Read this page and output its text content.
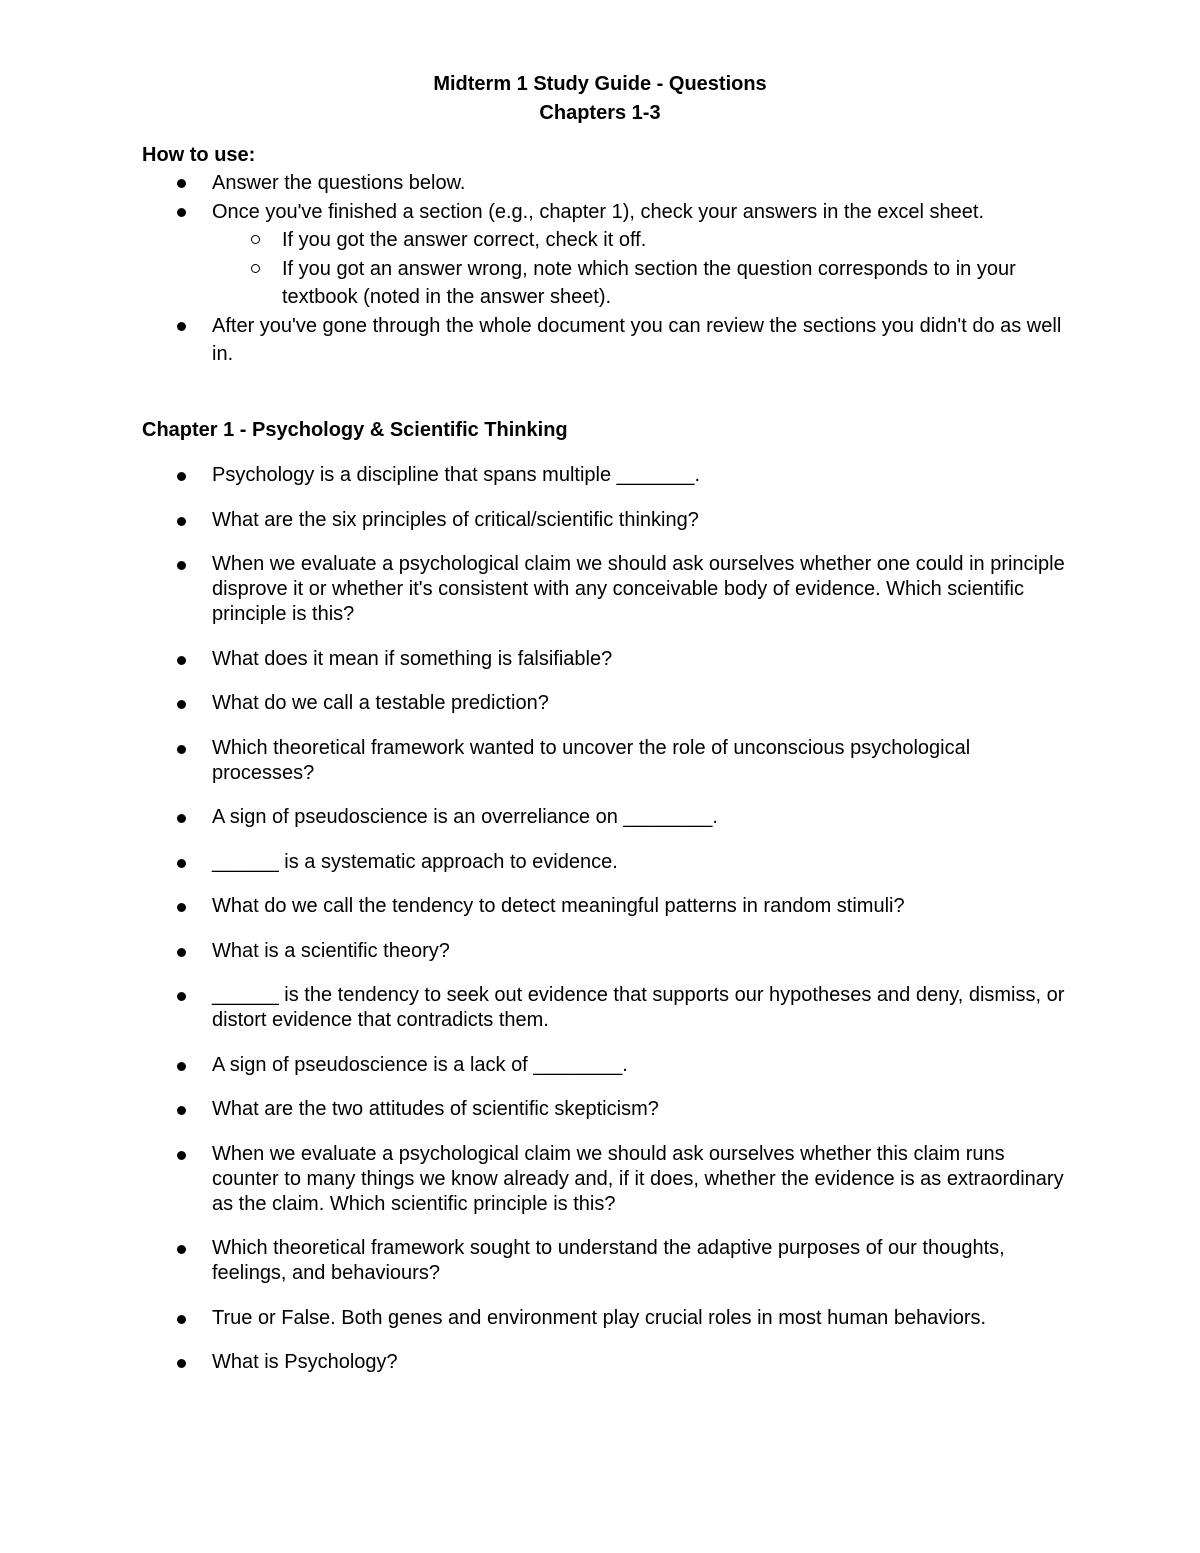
Midterm 1 Study Guide - Questions
Chapters 1-3
How to use:
Answer the questions below.
Once you've finished a section (e.g., chapter 1), check your answers in the excel sheet.
If you got the answer correct, check it off.
If you got an answer wrong, note which section the question corresponds to in your textbook (noted in the answer sheet).
After you've gone through the whole document you can review the sections you didn't do as well in.
Chapter 1 - Psychology & Scientific Thinking
Psychology is a discipline that spans multiple _______.
What are the six principles of critical/scientific thinking?
When we evaluate a psychological claim we should ask ourselves whether one could in principle disprove it or whether it's consistent with any conceivable body of evidence. Which scientific principle is this?
What does it mean if something is falsifiable?
What do we call a testable prediction?
Which theoretical framework wanted to uncover the role of unconscious psychological processes?
A sign of pseudoscience is an overreliance on ________.
______ is a systematic approach to evidence.
What do we call the tendency to detect meaningful patterns in random stimuli?
What is a scientific theory?
______ is the tendency to seek out evidence that supports our hypotheses and deny, dismiss, or distort evidence that contradicts them.
A sign of pseudoscience is a lack of ________.
What are the two attitudes of scientific skepticism?
When we evaluate a psychological claim we should ask ourselves whether this claim runs counter to many things we know already and, if it does, whether the evidence is as extraordinary as the claim. Which scientific principle is this?
Which theoretical framework sought to understand the adaptive purposes of our thoughts, feelings, and behaviours?
True or False. Both genes and environment play crucial roles in most human behaviors.
What is Psychology?
